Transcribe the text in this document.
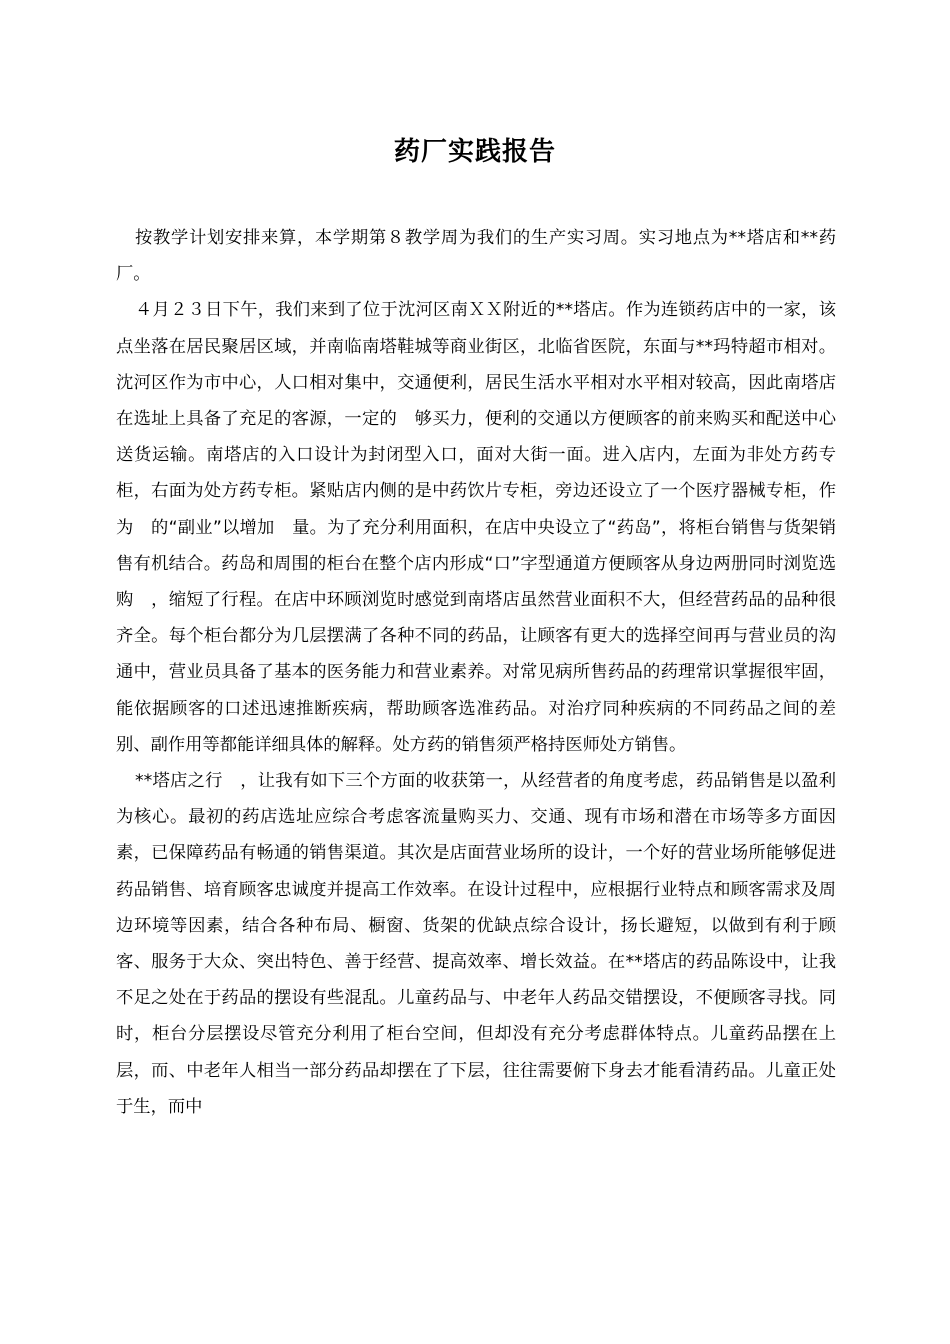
药厂实践报告

按教学计划安排来算，本学期第８教学周为我们的生产实习周。实习地点为**塔店和**药厂。

４月２３日下午，我们来到了位于沈河区南ＸＸ附近的**塔店。作为连锁药店中的一家，该点坐落在居民聚居区域，并南临南塔鞋城等商业街区，北临省医院，东面与**玛特超市相对。沈河区作为市中心，人口相对集中，交通便利，居民生活水平相对水平相对较高，因此南塔店在选址上具备了充足的客源，一定的　够买力，便利的交通以方便顾客的前来购买和配送中心送货运输。南塔店的入口设计为封闭型入口，面对大街一面。进入店内，左面为非处方药专柜，右面为处方药专柜。紧贴店内侧的是中药饮片专柜，旁边还设立了一个医疗器械专柜，作为　的“副业”以增加　量。为了充分利用面积，在店中央设立了“药岛”，将柜台销售与货架销售有机结合。药岛和周围的柜台在整个店内形成“口”字型通道方便顾客从身边两册同时浏览选购　，缩短了行程。在店中环顾浏览时感觉到南塔店虽然营业面积不大，但经营药品的品种很齐全。每个柜台都分为几层摆满了各种不同的药品，让顾客有更大的选择空间再与营业员的沟通中，营业员具备了基本的医务能力和营业素养。对常见病所售药品的药理常识掌握很牢固，能依据顾客的口述迅速推断疾病，帮助顾客选准药品。对治疗同种疾病的不同药品之间的差别、副作用等都能详细具体的解释。处方药的销售须严格持医师处方销售。

**塔店之行　，让我有如下三个方面的收获第一，从经营者的角度考虑，药品销售是以盈利为核心。最初的药店选址应综合考虑客流量购买力、交通、现有市场和潜在市场等多方面因素，已保障药品有畅通的销售渠道。其次是店面营业场所的设计，一个好的营业场所能够促进药品销售、培育顾客忠诚度并提高工作效率。在设计过程中，应根据行业特点和顾客需求及周边环境等因素，结合各种布局、橱窗、货架的优缺点综合设计，扬长避短，以做到有利于顾客、服务于大众、突出特色、善于经营、提高效率、增长效益。在**塔店的药品陈设中，让我不足之处在于药品的摆设有些混乱。儿童药品与、中老年人药品交错摆设，不便顾客寻找。同时，柜台分层摆设尽管充分利用了柜台空间，但却没有充分考虑群体特点。儿童药品摆在上层，而、中老年人相当一部分药品却摆在了下层，往往需要俯下身去才能看清药品。儿童正处于生，而中
